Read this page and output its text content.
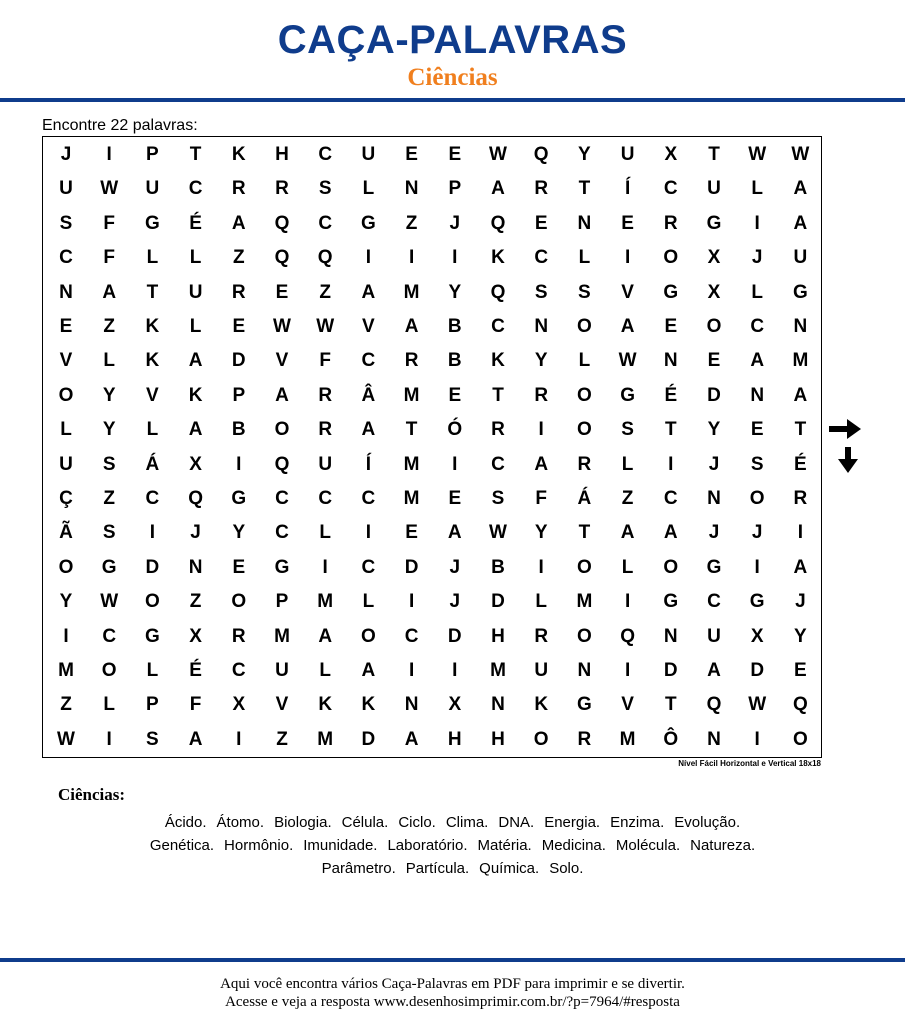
CAÇA-PALAVRAS
Ciências
Encontre 22 palavras:
J	I	P	T	K	H	C	U	E	E	W	Q	Y	U	X	T	W	W
U	W	U	C	R	R	S	L	N	P	A	R	T	Í	C	U	L	A
S	F	G	É	A	Q	C	G	Z	J	Q	E	N	E	R	G	I	A
C	F	L	L	Z	Q	Q	I	I	I	K	C	L	I	O	X	J	U
N	A	T	U	R	E	Z	A	M	Y	Q	S	S	V	G	X	L	G
E	Z	K	L	E	W	W	V	A	B	C	N	O	A	E	O	C	N
V	L	K	A	D	V	F	C	R	B	K	Y	L	W	N	E	A	M
O	Y	V	K	P	A	R	Â	M	E	T	R	O	G	É	D	N	A
L	Y	L	A	B	O	R	A	T	Ó	R	I	O	S	T	Y	E	T
U	S	Á	X	I	Q	U	Í	M	I	C	A	R	L	I	J	S	É
Ç	Z	C	Q	G	C	C	C	M	E	S	F	Á	Z	C	N	O	R
Ã	S	I	J	Y	C	L	I	E	A	W	Y	T	A	A	J	J	I
O	G	D	N	E	G	I	C	D	J	B	I	O	L	O	G	I	A
Y	W	O	Z	O	P	M	L	I	J	D	L	M	I	G	C	G	J
I	C	G	X	R	M	A	O	C	D	H	R	O	Q	N	U	X	Y
M	O	L	É	C	U	L	A	I	I	M	U	N	I	D	A	D	E
Z	L	P	F	X	V	K	K	N	X	N	K	G	V	T	Q	W	Q
W	I	S	A	I	Z	M	D	A	H	H	O	R	M	Ô	N	I	O
Nível Fácil Horizontal e Vertical 18x18
Ciências:
Ácido. Átomo. Biologia. Célula. Ciclo. Clima. DNA. Energia. Enzima. Evolução.
Genética. Hormônio. Imunidade. Laboratório. Matéria. Medicina. Molécula. Natureza.
Parâmetro. Partícula. Química. Solo.
Aqui você encontra vários Caça-Palavras em PDF para imprimir e se divertir.
Acesse e veja a resposta www.desenhosimprimir.com.br/?p=7964/#resposta
